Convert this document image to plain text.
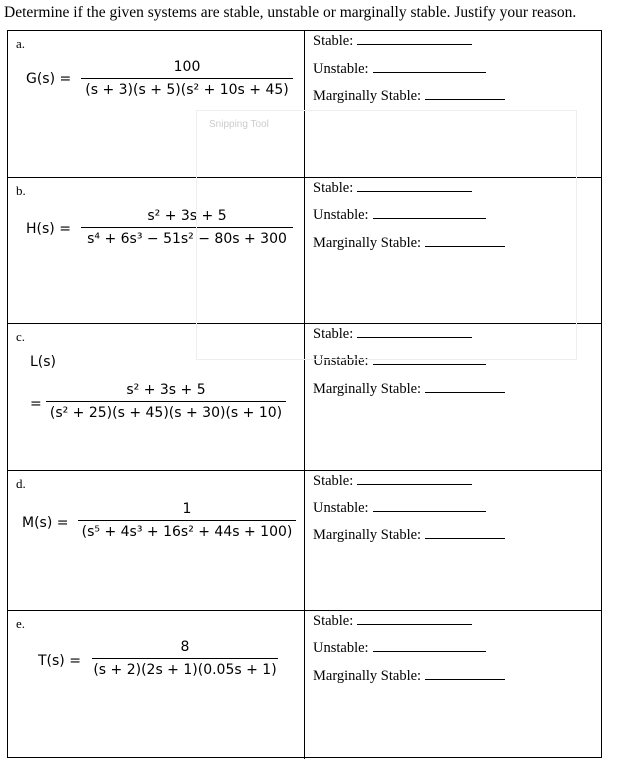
Determine if the given systems are stable, unstable or marginally stable. Justify your reason.
a.
G(s) =
100
(s + 3)(s + 5)(s² + 10s + 45)
Stable:
Unstable:
Marginally Stable:
b.
H(s) =
s² + 3s + 5
s⁴ + 6s³ − 51s² − 80s + 300
Stable:
Unstable:
Marginally Stable:
c.
L(s)
=
s² + 3s + 5
(s² + 25)(s + 45)(s + 30)(s + 10)
Stable:
Unstable:
Marginally Stable:
d.
M(s) =
1
(s⁵ + 4s³ + 16s² + 44s + 100)
Stable:
Unstable:
Marginally Stable:
e.
T(s) =
8
(s + 2)(2s + 1)(0.05s + 1)
Stable:
Unstable:
Marginally Stable:
Snipping Tool
